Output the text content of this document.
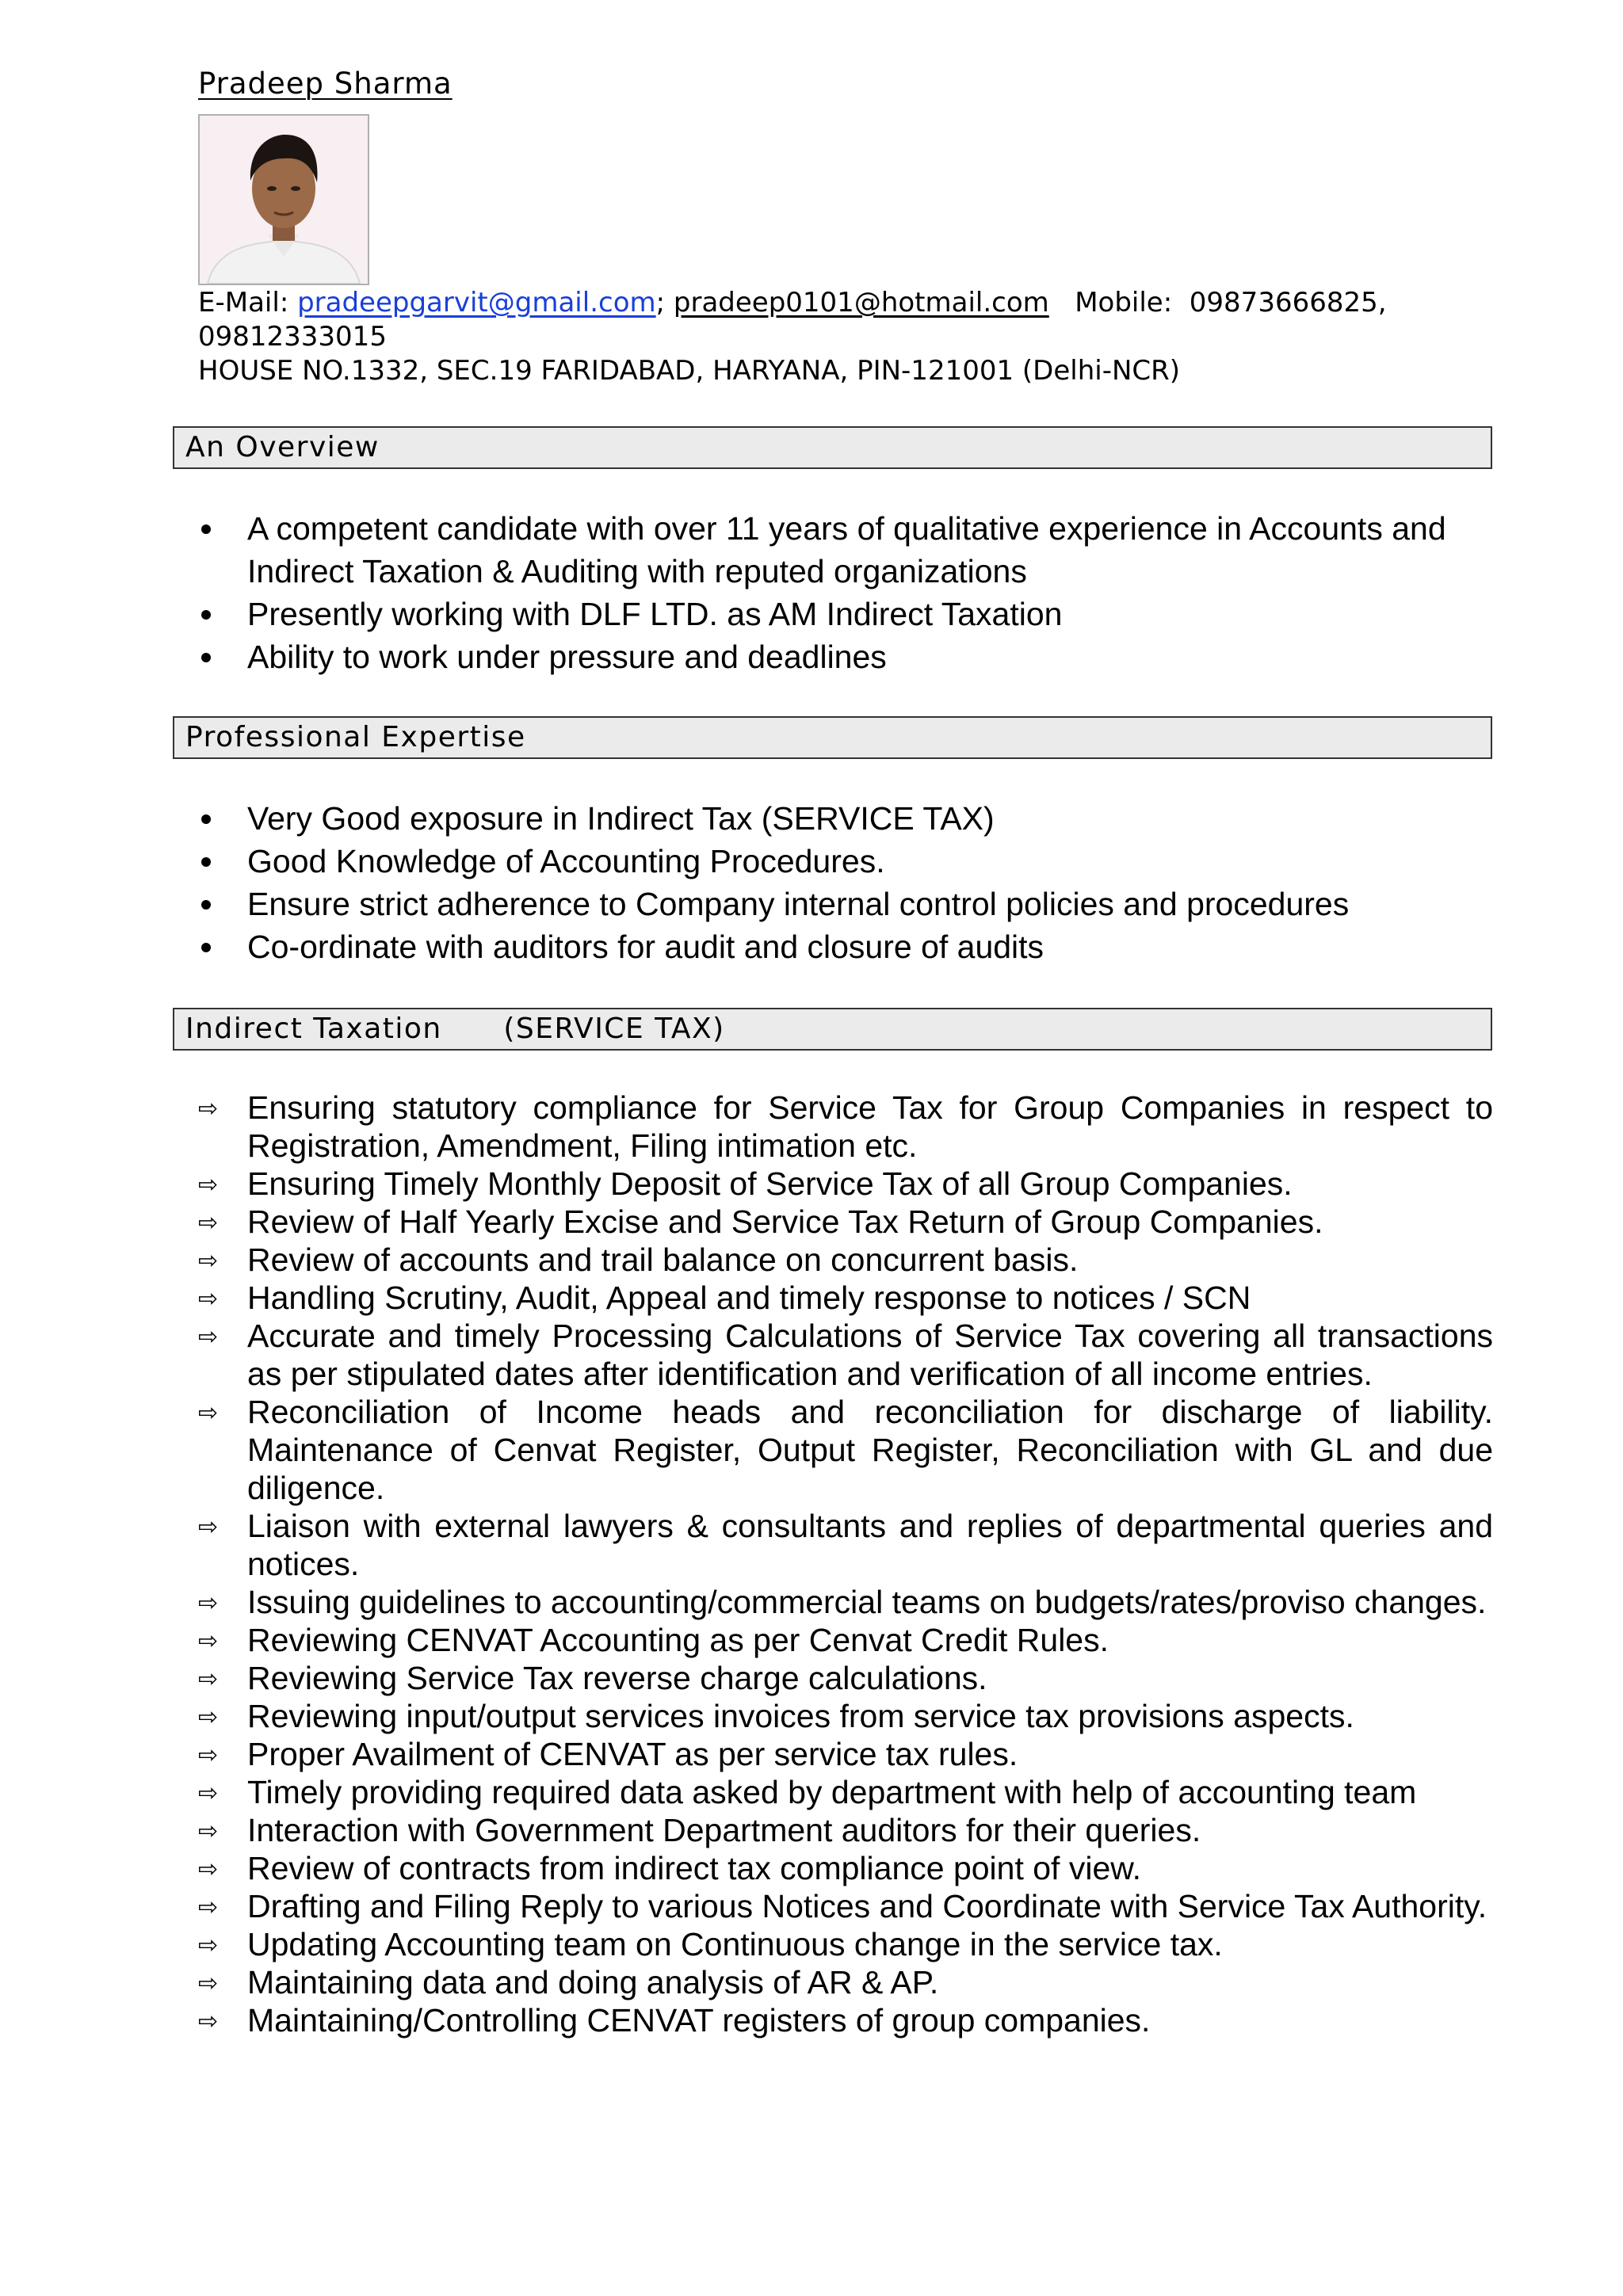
Pradeep Sharma
E-Mail: pradeepgarvit@gmail.com; pradeep0101@hotmail.com   Mobile:  09873666825,
09812333015
HOUSE NO.1332, SEC.19 FARIDABAD, HARYANA, PIN-121001 (Delhi-NCR)
An Overview
A competent candidate with over 11 years of qualitative experience in Accounts and Indirect Taxation & Auditing with reputed organizations
Presently working with DLF LTD. as AM Indirect Taxation
Ability to work under pressure and deadlines
Professional Expertise
Very Good exposure in Indirect Tax (SERVICE TAX)
Good Knowledge of Accounting Procedures.
Ensure strict adherence to Company internal control policies and procedures
Co-ordinate with auditors for audit and closure of audits
Indirect Taxation      (SERVICE TAX)
⇨ Ensuring statutory compliance for Service Tax for Group Companies in respect to Registration, Amendment, Filing intimation etc.
⇨ Ensuring Timely Monthly Deposit of Service Tax of all Group Companies.
⇨ Review of Half Yearly Excise and Service Tax Return of Group Companies.
⇨ Review of accounts and trail balance on concurrent basis.
⇨ Handling Scrutiny, Audit, Appeal and timely response to notices / SCN
⇨ Accurate and timely Processing Calculations of Service Tax covering all transactions as per stipulated dates after identification and verification of all income entries.
⇨ Reconciliation of Income heads and reconciliation for discharge of liability. Maintenance of Cenvat Register, Output Register, Reconciliation with GL and due diligence.
⇨ Liaison with external lawyers & consultants and replies of departmental queries and notices.
⇨ Issuing guidelines to accounting/commercial teams on budgets/rates/proviso changes.
⇨ Reviewing CENVAT Accounting as per Cenvat Credit Rules.
⇨ Reviewing Service Tax reverse charge calculations.
⇨ Reviewing input/output services invoices from service tax provisions aspects.
⇨ Proper Availment of CENVAT as per service tax rules.
⇨ Timely providing required data asked by department with help of accounting team
⇨ Interaction with Government Department auditors for their queries.
⇨ Review of contracts from indirect tax compliance point of view.
⇨ Drafting and Filing Reply to various Notices and Coordinate with Service Tax Authority.
⇨ Updating Accounting team on Continuous change in the service tax.
⇨ Maintaining data and doing analysis of AR & AP.
⇨ Maintaining/Controlling CENVAT registers of group companies.
